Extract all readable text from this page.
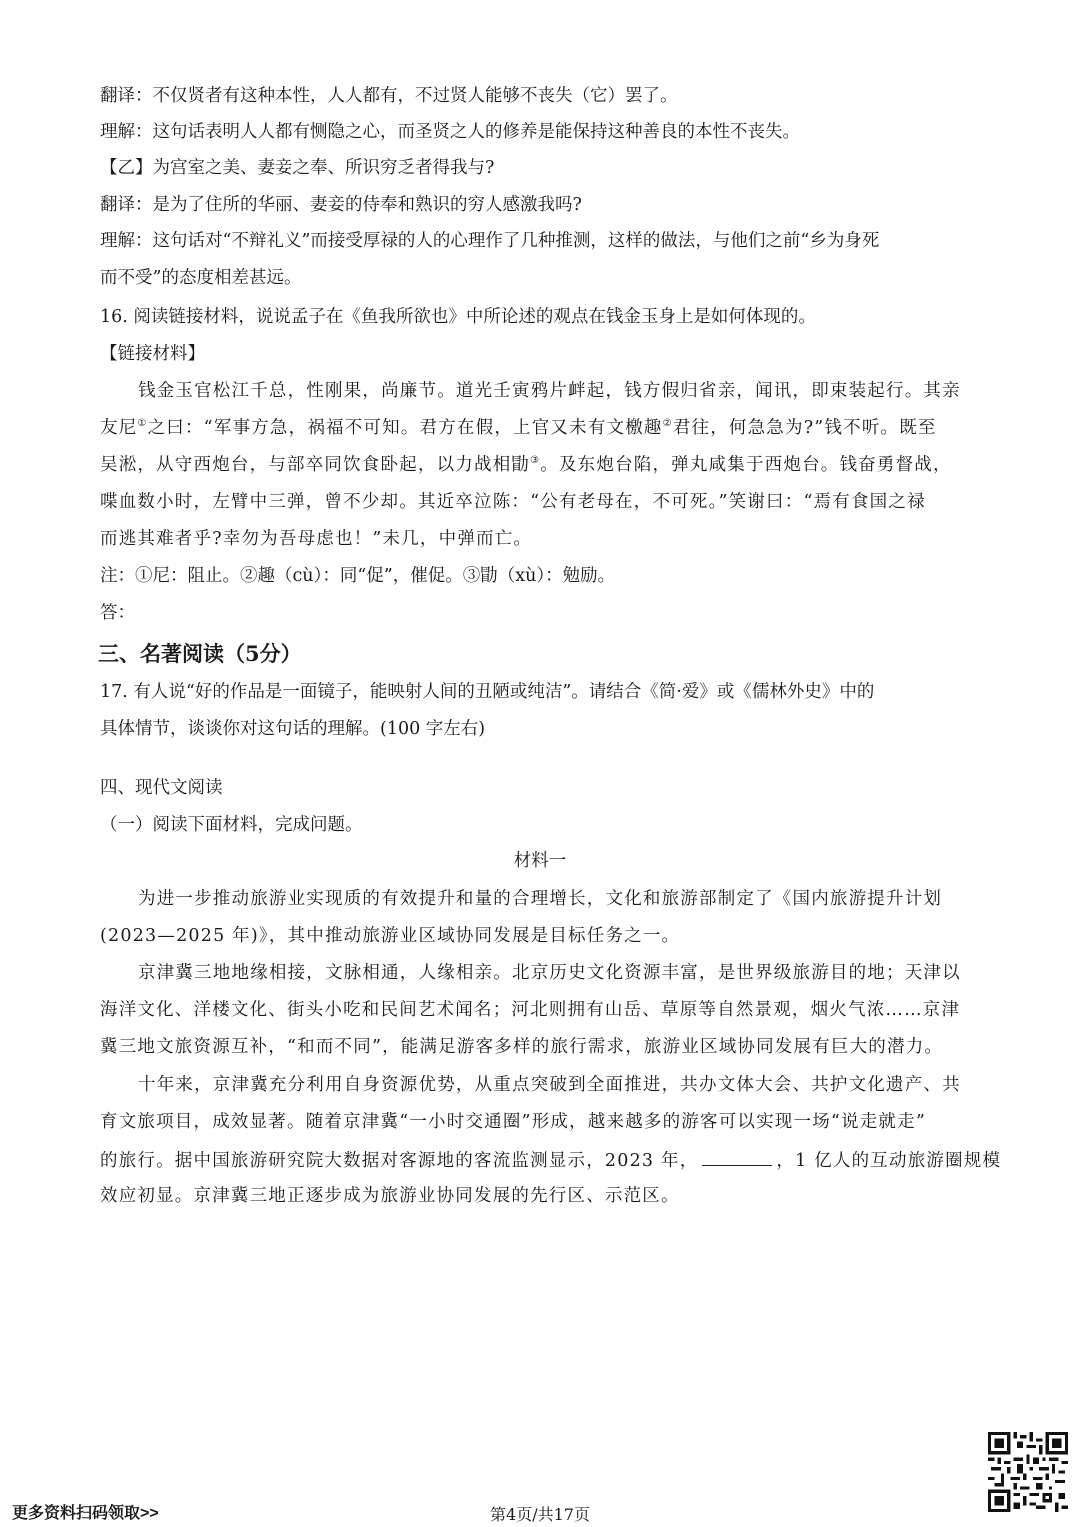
翻译：不仅贤者有这种本性，人人都有，不过贤人能够不丧失（它）罢了。
理解：这句话表明人人都有恻隐之心，而圣贤之人的修养是能保持这种善良的本性不丧失。
【乙】为宫室之美、妻妾之奉、所识穷乏者得我与?
翻译：是为了住所的华丽、妻妾的侍奉和熟识的穷人感激我吗?
理解：这句话对“不辩礼义”而接受厚禄的人的心理作了几种推测，这样的做法，与他们之前“乡为身死
而不受”的态度相差甚远。
16. 阅读链接材料，说说孟子在《鱼我所欲也》中所论述的观点在钱金玉身上是如何体现的。
【链接材料】
钱金玉官松江千总，性刚果，尚廉节。道光壬寅鸦片衅起，钱方假归省亲，闻讯，即束装起行。其亲
友尼①之曰：“军事方急，祸福不可知。君方在假，上官又未有文檄趣②君往，何急急为?”钱不听。既至
吴淞，从守西炮台，与部卒同饮食卧起，以力战相勖③。及东炮台陷，弹丸咸集于西炮台。钱奋勇督战，
喋血数小时，左臂中三弹，曾不少却。其近卒泣陈：“公有老母在，不可死。”笑谢曰：“焉有食国之禄
而逃其难者乎?幸勿为吾母虑也！”未几，中弹而亡。
注：①尼：阻止。②趣（cù）：同“促”，催促。③勖（xù）：勉励。
答：
三、名著阅读（5分）
17. 有人说“好的作品是一面镜子，能映射人间的丑陋或纯洁”。请结合《简·爱》或《儒林外史》中的
具体情节，谈谈你对这句话的理解。(100 字左右)
四、现代文阅读
（一）阅读下面材料，完成问题。
材料一
为进一步推动旅游业实现质的有效提升和量的合理增长，文化和旅游部制定了《国内旅游提升计划
(2023—2025 年)》，其中推动旅游业区域协同发展是目标任务之一。
京津冀三地地缘相接，文脉相通，人缘相亲。北京历史文化资源丰富，是世界级旅游目的地；天津以
海洋文化、洋楼文化、街头小吃和民间艺术闻名；河北则拥有山岳、草原等自然景观，烟火气浓……京津
冀三地文旅资源互补，“和而不同”，能满足游客多样的旅行需求，旅游业区域协同发展有巨大的潜力。
十年来，京津冀充分利用自身资源优势，从重点突破到全面推进，共办文体大会、共护文化遗产、共
育文旅项目，成效显著。随着京津冀“一小时交通圈”形成，越来越多的游客可以实现一场“说走就走”
的旅行。据中国旅游研究院大数据对客源地的客流监测显示，2023 年，	，1 亿人的互动旅游圈规模
效应初显。京津冀三地正逐步成为旅游业协同发展的先行区、示范区。
更多资料扫码领取>>	第4页/共17页
